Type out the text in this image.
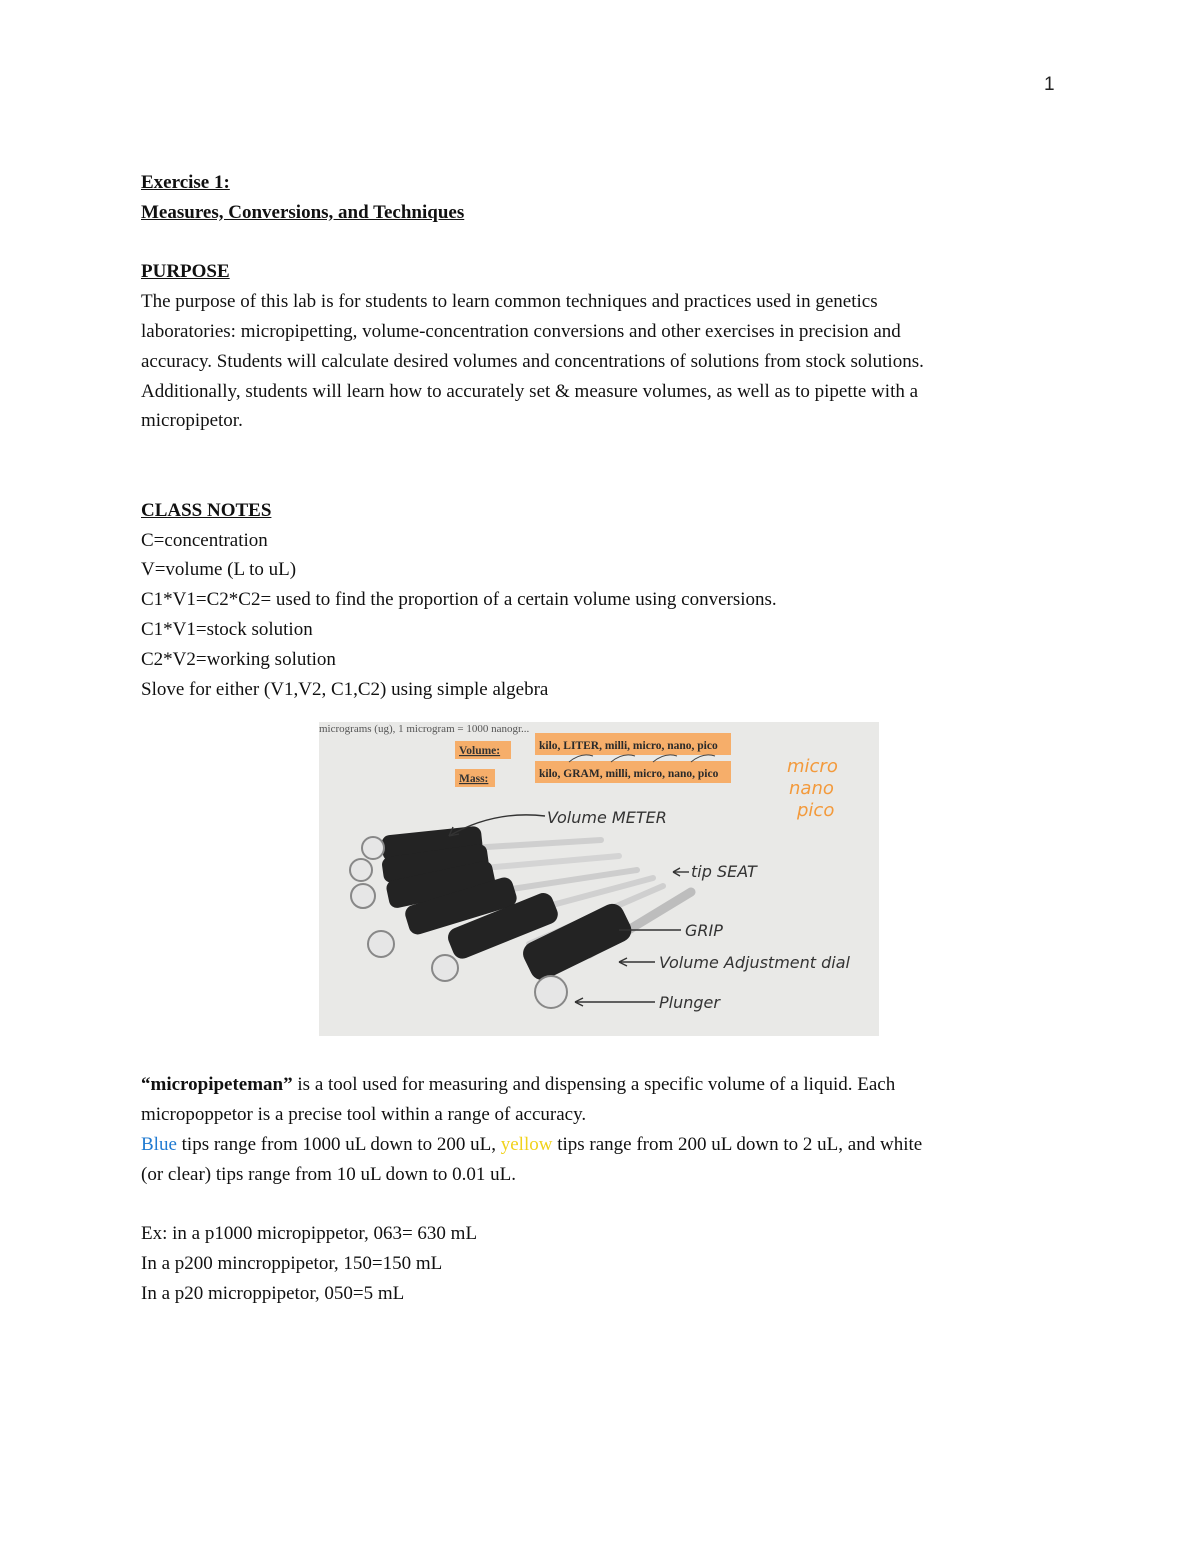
1
Exercise 1:
Measures, Conversions, and Techniques
PURPOSE
The purpose of this lab is for students to learn common techniques and practices used in genetics
laboratories: micropipetting, volume-concentration conversions and other exercises in precision and
accuracy. Students will calculate desired volumes and concentrations of solutions from stock solutions.
Additionally, students will learn how to accurately set & measure volumes, as well as to pipette with a
micropipetor.
CLASS NOTES
C=concentration
V=volume (L to uL)
C1*V1=C2*C2= used to find the proportion of a certain volume using conversions.
C1*V1=stock solution
C2*V2=working solution
Slove for either (V1,V2, C1,C2) using simple algebra
micrograms (ug), 1 microgram = 1000 nanogr...
Volume:
Mass:
kilo, LITER, milli, micro, nano, pico
kilo, GRAM, milli, micro, nano, pico	micro
nano
pico
Volume METER
tip SEAT
GRIP
Volume Adjustment dial
Plunger
“micropipeteman” is a tool used for measuring and dispensing a specific volume of a liquid. Each
micropoppetor is a precise tool within a range of accuracy.
Blue tips range from 1000 uL down to 200 uL, yellow tips range from 200 uL down to 2 uL, and white
(or clear) tips range from 10 uL down to 0.01 uL.
Ex: in a p1000 micropippetor, 063= 630 mL
In a p200 mincroppipetor, 150=150 mL
In a p20 microppipetor, 050=5 mL
